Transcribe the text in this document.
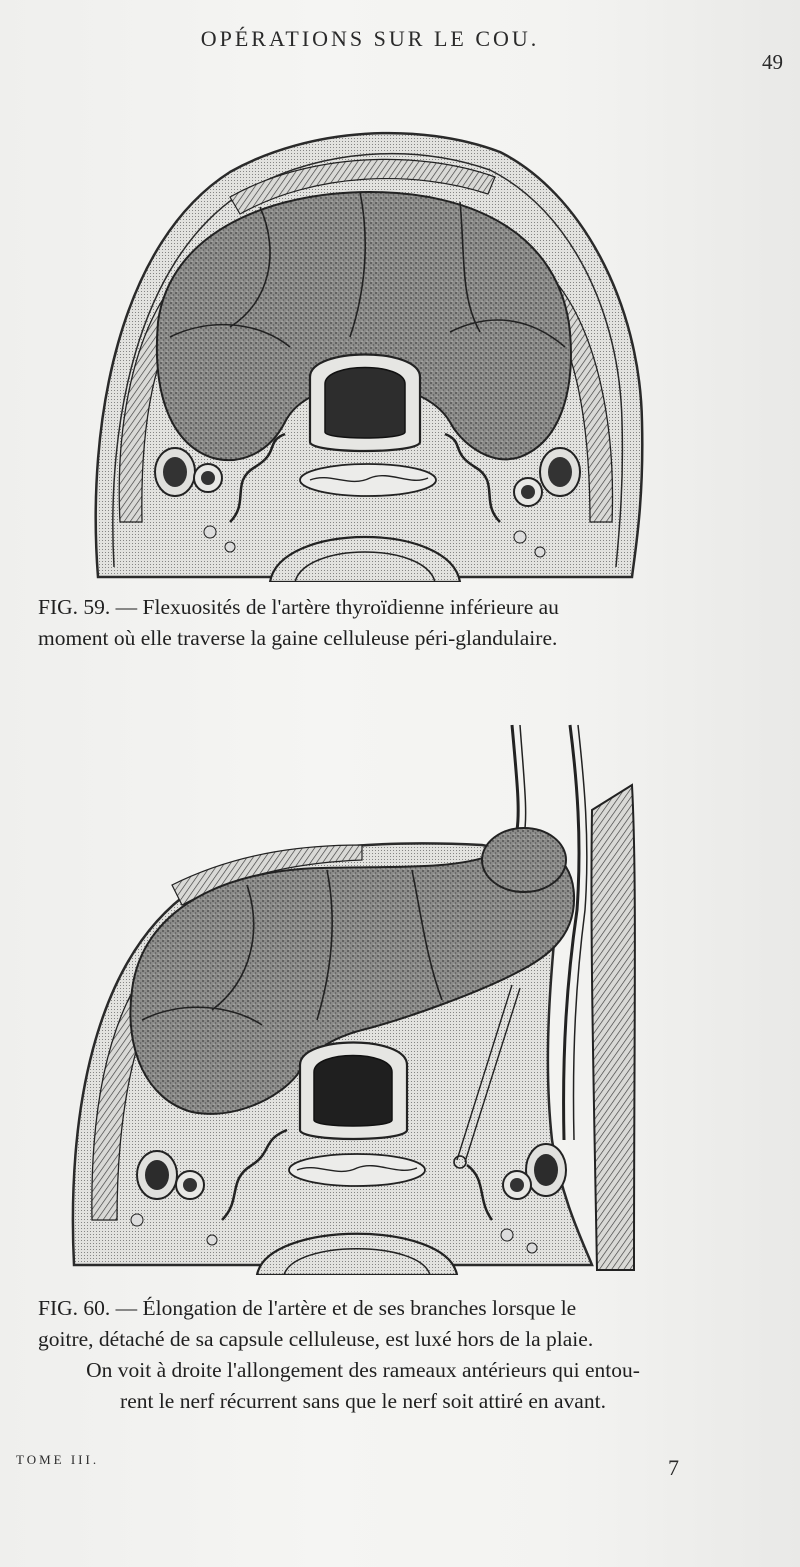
OPÉRATIONS SUR LE COU.
49

FIG. 59. — Flexuosités de l'artère thyroïdienne inférieure au

moment où elle traverse la gaine celluleuse péri-glandulaire.

FIG. 60. — Élongation de l'artère et de ses branches lorsque le

goitre, détaché de sa capsule celluleuse, est luxé hors de la plaie.

On voit à droite l'allongement des rameaux antérieurs qui entou-

rent le nerf récurrent sans que le nerf soit attiré en avant.

TOME III.	7
